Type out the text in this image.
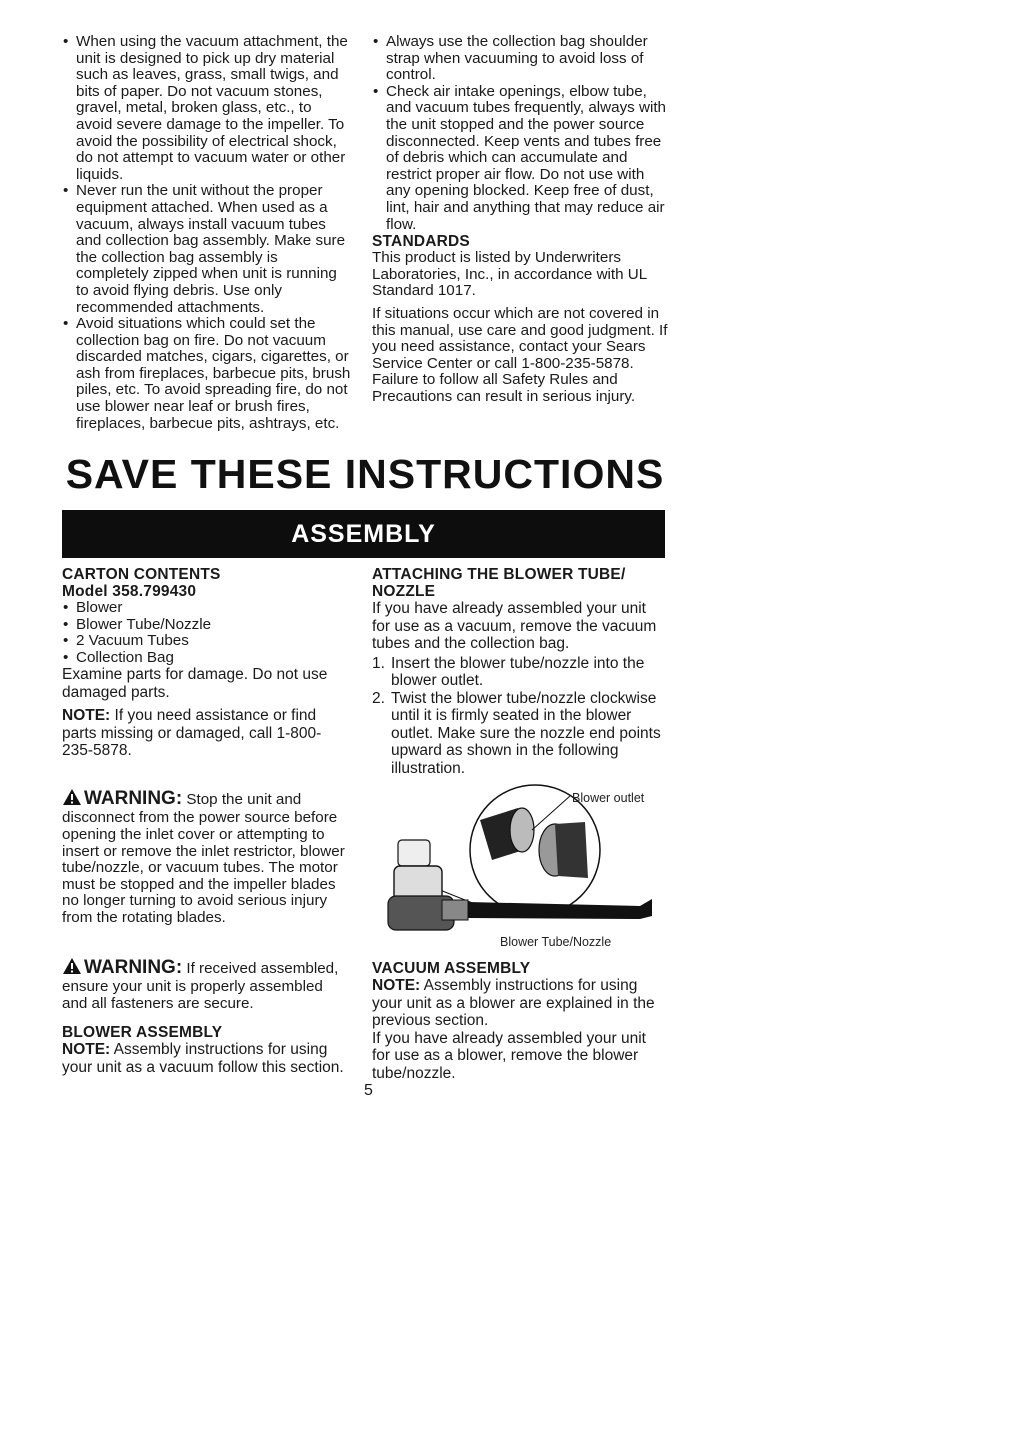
• When using the vacuum attachment, the unit is designed to pick up dry material such as leaves, grass, small twigs, and bits of paper. Do not vacuum stones, gravel, metal, broken glass, etc., to avoid severe damage to the impeller. To avoid the possibility of electrical shock, do not attempt to vacuum water or other liquids.
• Never run the unit without the proper equipment attached. When used as a vacuum, always install vacuum tubes and collection bag assembly. Make sure the collection bag assembly is completely zipped when unit is running to avoid flying debris. Use only recommended attachments.
• Avoid situations which could set the collection bag on fire. Do not vacuum discarded matches, cigars, cigarettes, or ash from fireplaces, barbecue pits, brush piles, etc. To avoid spreading fire, do not use blower near leaf or brush fires, fireplaces, barbecue pits, ashtrays, etc.
• Always use the collection bag shoulder strap when vacuuming to avoid loss of control.
• Check air intake openings, elbow tube, and vacuum tubes frequently, always with the unit stopped and the power source disconnected. Keep vents and tubes free of debris which can accumulate and restrict proper air flow. Do not use with any opening blocked. Keep free of dust, lint, hair and anything that may reduce air flow.
STANDARDS

This product is listed by Underwriters Laboratories, Inc., in accordance with UL Standard 1017.

If situations occur which are not covered in this manual, use care and good judgment. If you need assistance, contact your Sears Service Center or call 1-800-235-5878. Failure to follow all Safety Rules and Precautions can result in serious injury.

SAVE THESE INSTRUCTIONS
ASSEMBLY
CARTON CONTENTS
Model 358.799430
• Blower
• Blower Tube/Nozzle
• 2 Vacuum Tubes
• Collection Bag

Examine parts for damage. Do not use damaged parts.

NOTE: If you need assistance or find parts missing or damaged, call 1-800-235-5878.

WARNING: Stop the unit and disconnect from the power source before opening the inlet cover or attempting to insert or remove the inlet restrictor, blower tube/nozzle, or vacuum tubes. The motor must be stopped and the impeller blades no longer turning to avoid serious injury from the rotating blades.

WARNING: If received assembled, ensure your unit is properly assembled and all fasteners are secure.

BLOWER ASSEMBLY

NOTE: Assembly instructions for using your unit as a vacuum follow this section.

ATTACHING THE BLOWER TUBE/ NOZZLE

If you have already assembled your unit for use as a vacuum, remove the vacuum tubes and the collection bag.

1. Insert the blower tube/nozzle into the blower outlet.
2. Twist the blower tube/nozzle clockwise until it is firmly seated in the blower outlet. Make sure the nozzle end points upward as shown in the following illustration.
Blower outlet
Blower Tube/Nozzle
VACUUM ASSEMBLY

NOTE: Assembly instructions for using your unit as a blower are explained in the previous section.

If you have already assembled your unit for use as a blower, remove the blower tube/nozzle.

5
